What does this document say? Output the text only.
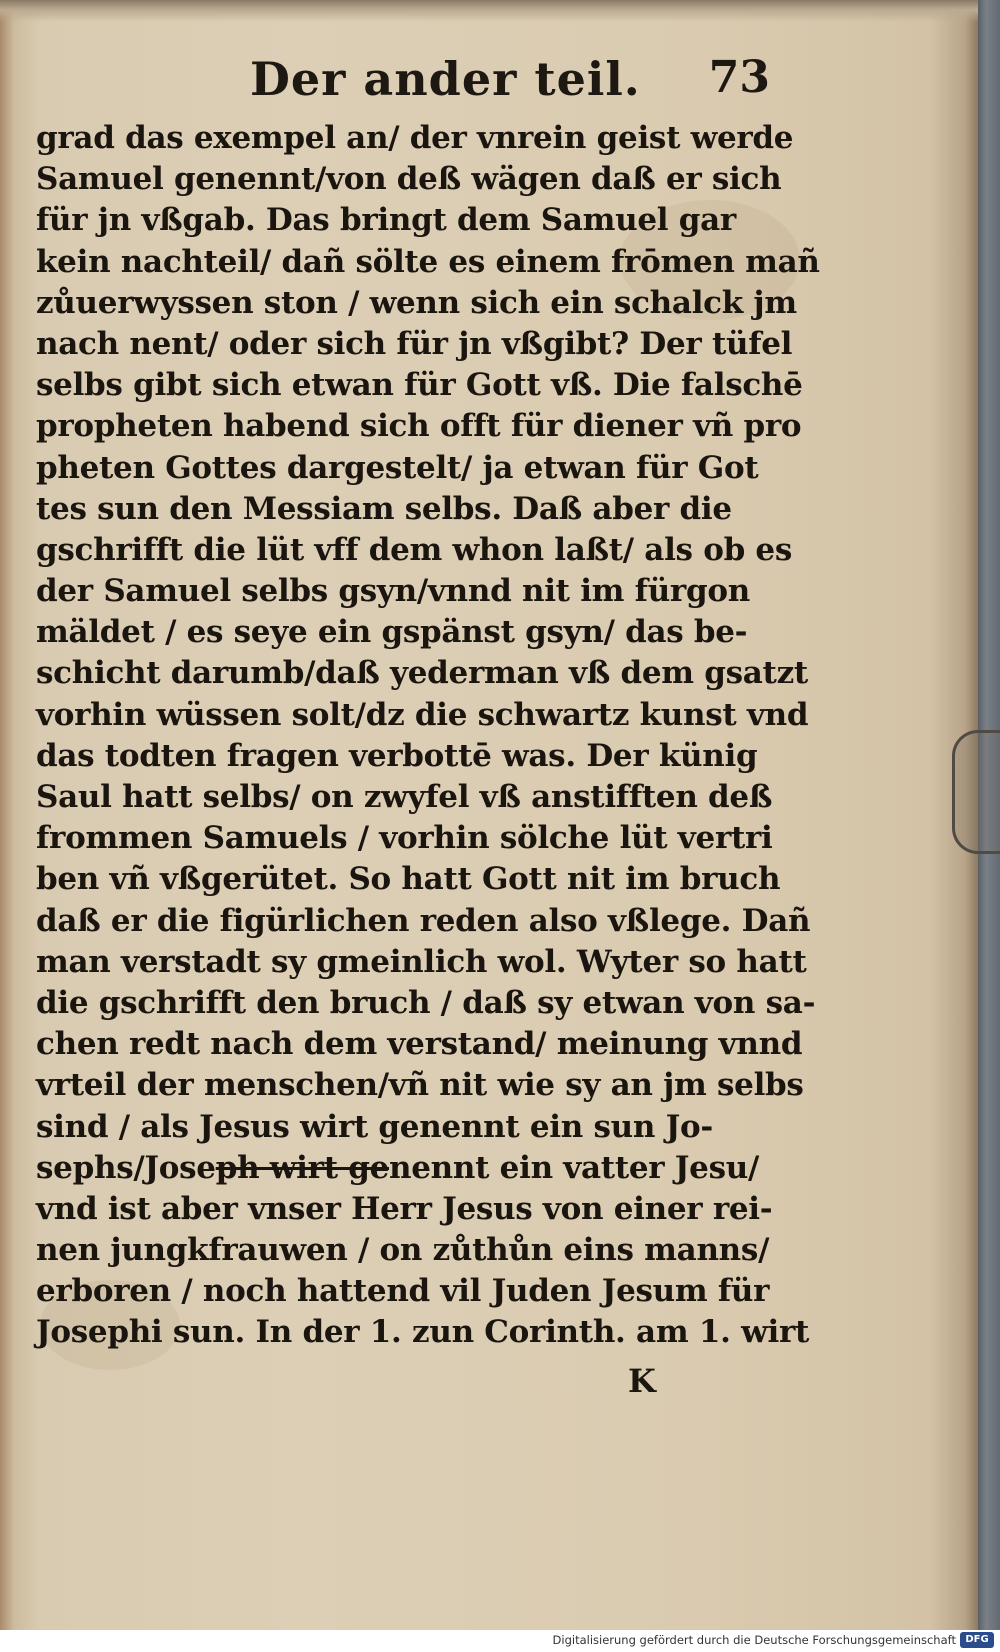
Der ander teil. 73
grad das exempel an/ der vnrein geist werde
Samuel genennt/von deß wägen daß er sich
für jn vßgab. Das bringt dem Samuel gar
kein nachteil/ dañ sölte es einem frōmen mañ
zůuerwyssen ston / wenn sich ein schalck jm
nach nent/ oder sich für jn vßgibt? Der tüfel
selbs gibt sich etwan für Gott vß. Die falschē
propheten habend sich offt für diener vñ pro
pheten Gottes dargestelt/ ja etwan für Got
tes sun den Messiam selbs. Daß aber die
gschrifft die lüt vff dem whon laßt/ als ob es
der Samuel selbs gsyn/vnnd nit im fürgon
mäldet / es seye ein gspänst gsyn/ das be-
schicht darumb/daß yederman vß dem gsatzt
vorhin wüssen solt/dz die schwartz kunst vnd
das todten fragen verbottē was. Der künig
Saul hatt selbs/ on zwyfel vß anstifften deß
frommen Samuels / vorhin sölche lüt vertri
ben vñ vßgerütet. So hatt Gott nit im bruch
daß er die figürlichen reden also vßlege. Dañ
man verstadt sy gmeinlich wol. Wyter so hatt
die gschrifft den bruch / daß sy etwan von sa-
chen redt nach dem verstand/ meinung vnnd
vrteil der menschen/vñ nit wie sy an jm selbs
sind / als Jesus wirt genennt ein sun Jo-
sephs/Joseph wirt genennt ein vatter Jesu/
vnd ist aber vnser Herr Jesus von einer rei-
nen jungkfrauwen / on zůthůn eins manns/
erboren / noch hattend vil Juden Jesum für
Josephi sun. In der 1. zun Corinth. am 1. wirt
K
Digitalisierung gefördert durch die Deutsche Forschungsgemeinschaft DFG
